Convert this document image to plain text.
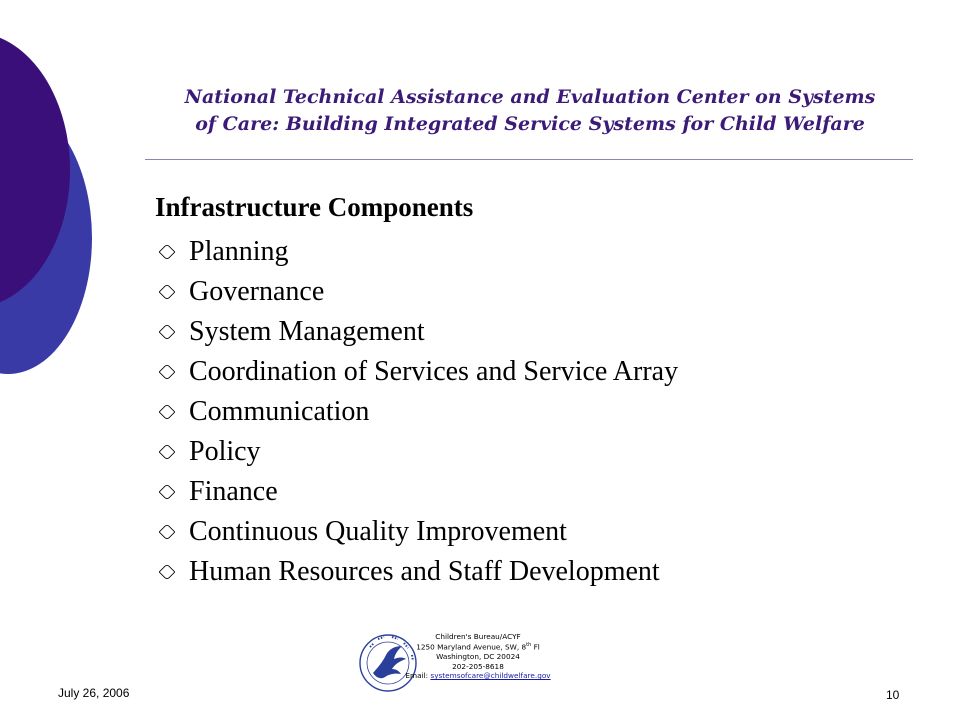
National Technical Assistance and Evaluation Center on Systems
of Care: Building Integrated Service Systems for Child Welfare
Infrastructure Components
Planning
Governance
System Management
Coordination of Services and Service Array
Communication
Policy
Finance
Continuous Quality Improvement
Human Resources and Staff Development
July 26, 2006	10
Children's Bureau/ACYF
1250 Maryland Avenue, SW, 8th Fl
Washington, DC 20024
202-205-8618
Email: systemsofcare@childwelfare.gov
